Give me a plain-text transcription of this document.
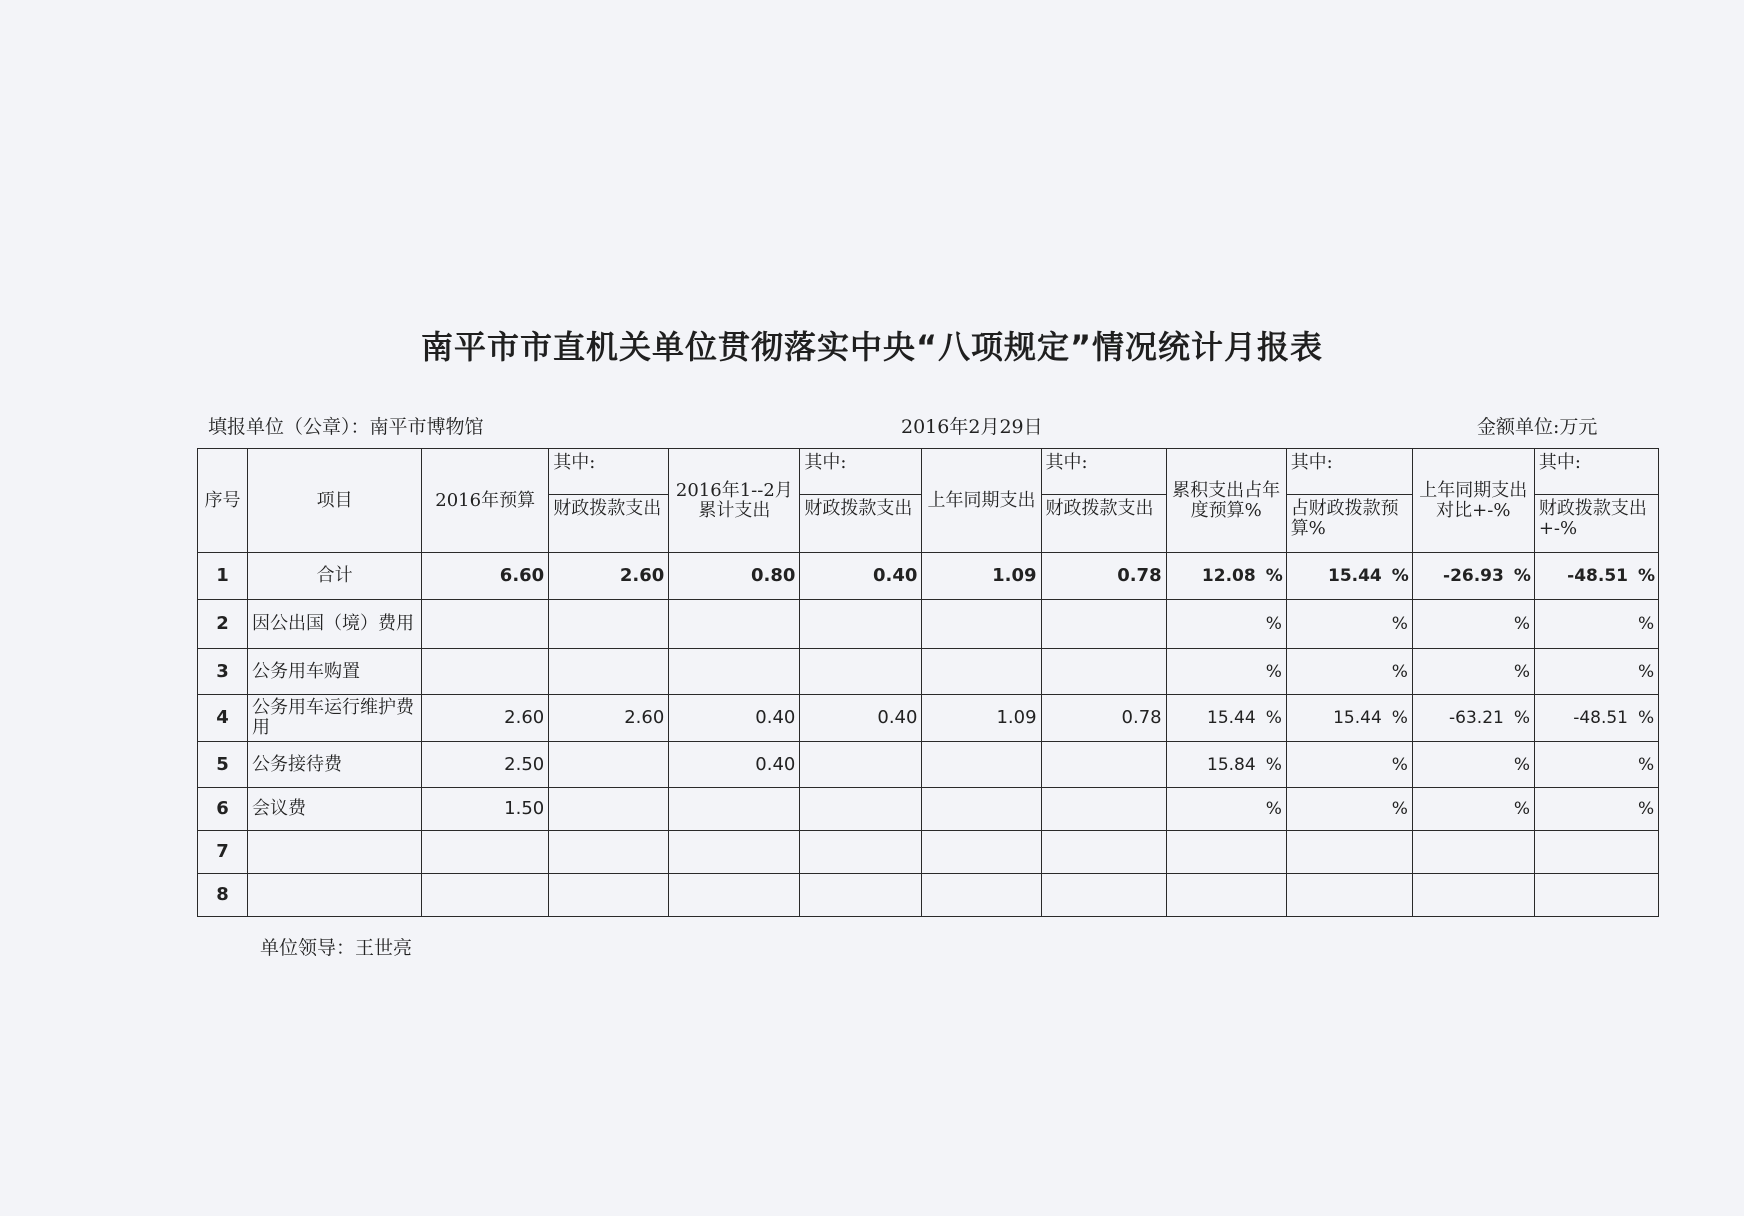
南平市市直机关单位贯彻落实中央“八项规定”情况统计月报表
填报单位（公章）：南平市博物馆	2016年2月29日	金额单位:万元
序号	项目	2016年预算	其中:	2016年1--2月累计支出	其中:	上年同期支出	其中:	累积支出占年度预算%	其中:	上年同期支出对比+-%	其中:
			财政拨款支出		财政拨款支出		财政拨款支出		占财政拨款预算%		财政拨款支出+-%
1	合计	6.60	2.60	0.80	0.40	1.09	0.78	12.08 %	15.44 %	-26.93 %	-48.51 %

2	因公出国（境）费用							%	%	%	%

3	公务用车购置							%	%	%	%

4	公务用车运行维护费用	2.60	2.60	0.40	0.40	1.09	0.78	15.44 %	15.44 %	-63.21 %	-48.51 %

5	公务接待费	2.50		0.40				15.84 %	%	%	%

6	会议费	1.50						%	%	%	%

7											
8											
单位领导：王世亮
